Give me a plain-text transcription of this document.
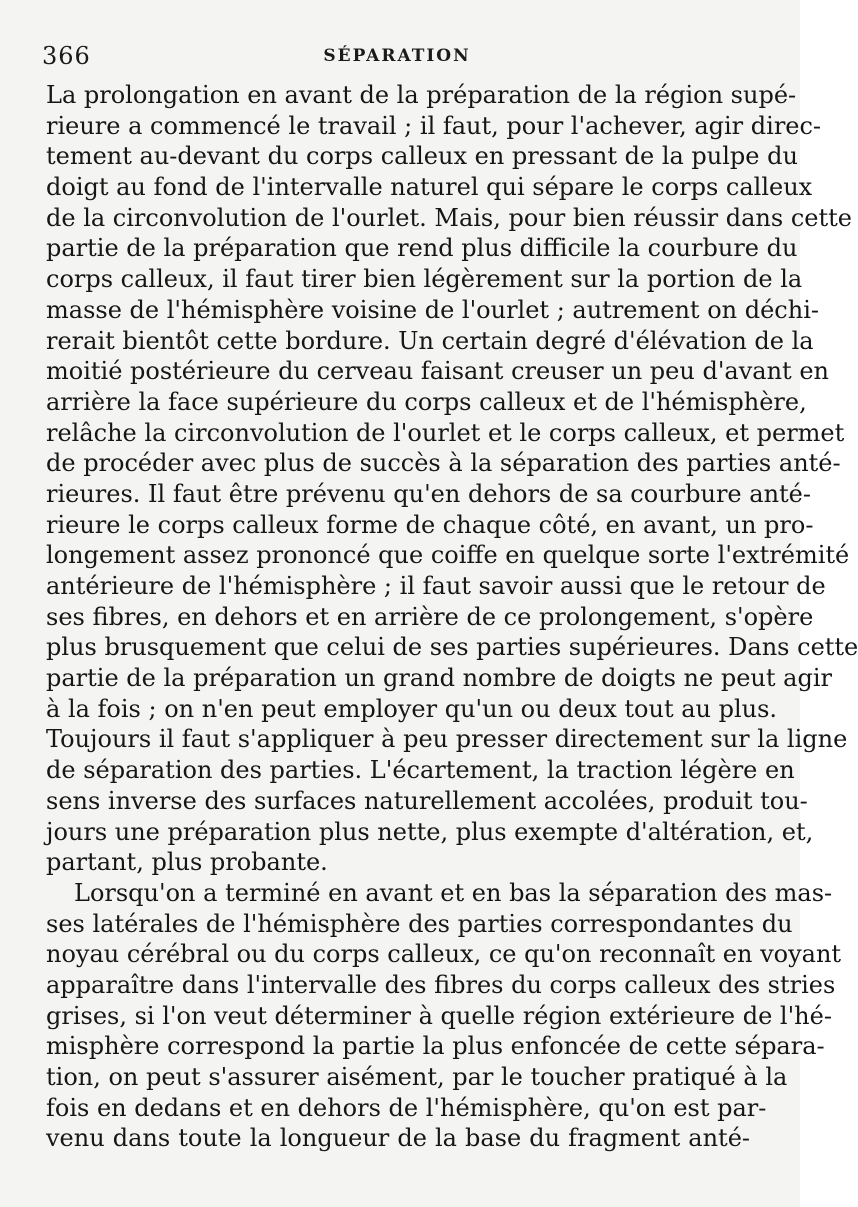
366	SÉPARATION
La prolongation en avant de la préparation de la région supé-
rieure a commencé le travail ; il faut, pour l'achever, agir direc-
tement au-devant du corps calleux en pressant de la pulpe du
doigt au fond de l'intervalle naturel qui sépare le corps calleux
de la circonvolution de l'ourlet. Mais, pour bien réussir dans cette
partie de la préparation que rend plus difficile la courbure du
corps calleux, il faut tirer bien légèrement sur la portion de la
masse de l'hémisphère voisine de l'ourlet ; autrement on déchi-
rerait bientôt cette bordure. Un certain degré d'élévation de la
moitié postérieure du cerveau faisant creuser un peu d'avant en
arrière la face supérieure du corps calleux et de l'hémisphère,
relâche la circonvolution de l'ourlet et le corps calleux, et permet
de procéder avec plus de succès à la séparation des parties anté-
rieures. Il faut être prévenu qu'en dehors de sa courbure anté-
rieure le corps calleux forme de chaque côté, en avant, un pro-
longement assez prononcé que coiffe en quelque sorte l'extrémité
antérieure de l'hémisphère ; il faut savoir aussi que le retour de
ses fibres, en dehors et en arrière de ce prolongement, s'opère
plus brusquement que celui de ses parties supérieures. Dans cette
partie de la préparation un grand nombre de doigts ne peut agir
à la fois ; on n'en peut employer qu'un ou deux tout au plus.
Toujours il faut s'appliquer à peu presser directement sur la ligne
de séparation des parties. L'écartement, la traction légère en
sens inverse des surfaces naturellement accolées, produit tou-
jours une préparation plus nette, plus exempte d'altération, et,
partant, plus probante.
Lorsqu'on a terminé en avant et en bas la séparation des mas-
ses latérales de l'hémisphère des parties correspondantes du
noyau cérébral ou du corps calleux, ce qu'on reconnaît en voyant
apparaître dans l'intervalle des fibres du corps calleux des stries
grises, si l'on veut déterminer à quelle région extérieure de l'hé-
misphère correspond la partie la plus enfoncée de cette sépara-
tion, on peut s'assurer aisément, par le toucher pratiqué à la
fois en dedans et en dehors de l'hémisphère, qu'on est par-
venu dans toute la longueur de la base du fragment anté-
